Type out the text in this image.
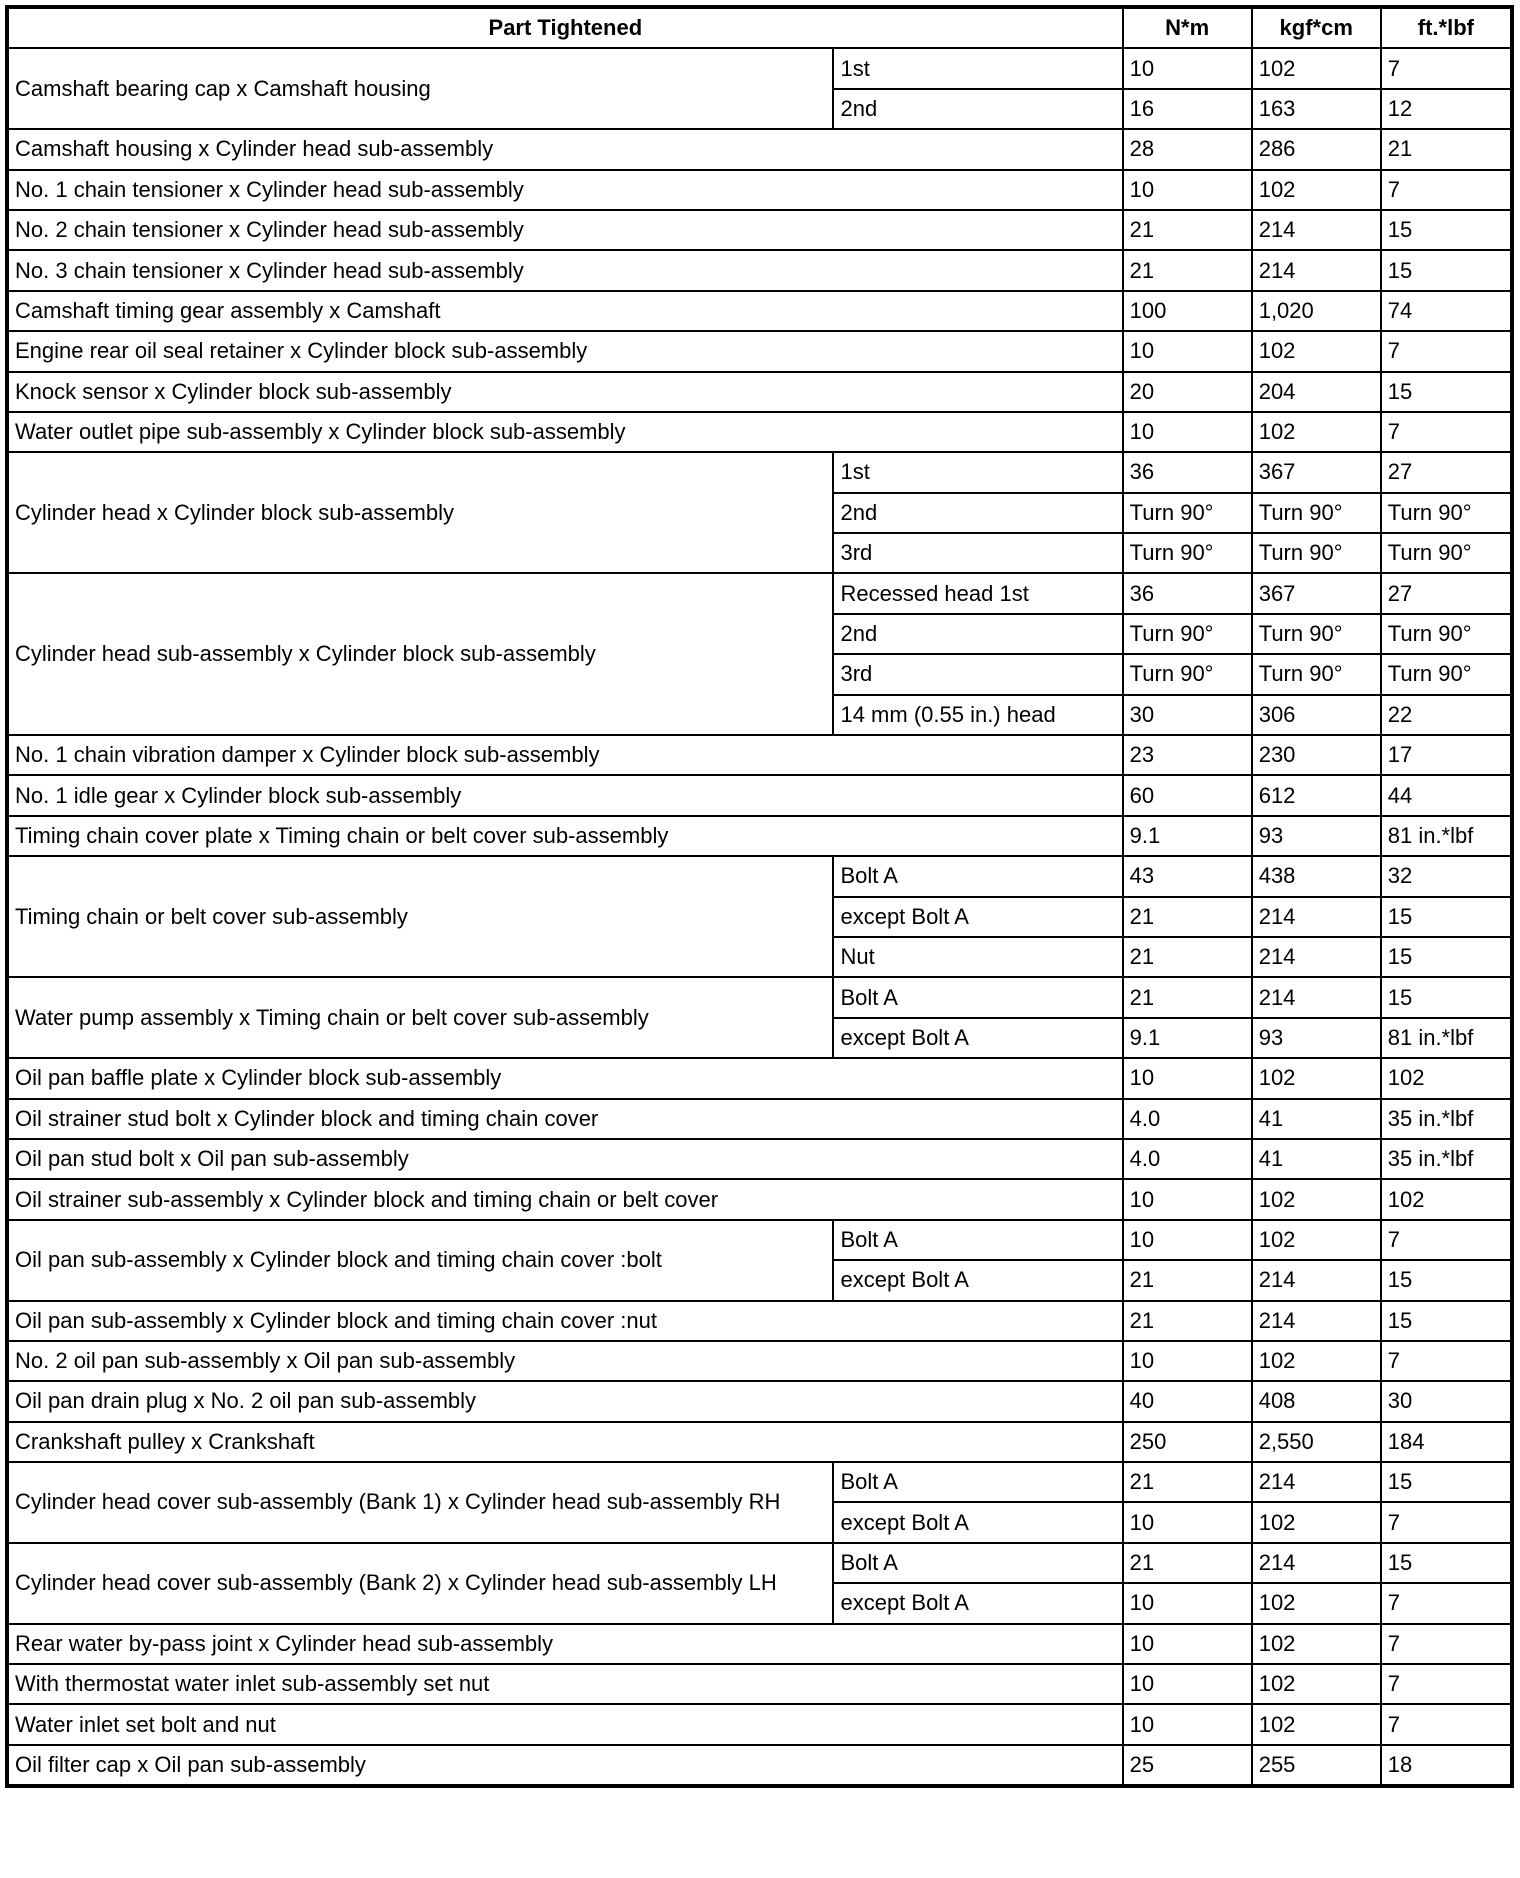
Part Tightened		N*m	kgf*cm	ft.*lbf
Camshaft bearing cap x Camshaft housing	1st	10	102	7
	2nd	16	163	12
Camshaft housing x Cylinder head sub-assembly		28	286	21
No. 1 chain tensioner x Cylinder head sub-assembly		10	102	7
No. 2 chain tensioner x Cylinder head sub-assembly		21	214	15
No. 3 chain tensioner x Cylinder head sub-assembly		21	214	15
Camshaft timing gear assembly x Camshaft		100	1,020	74
Engine rear oil seal retainer x Cylinder block sub-assembly		10	102	7
Knock sensor x Cylinder block sub-assembly		20	204	15
Water outlet pipe sub-assembly x Cylinder block sub-assembly		10	102	7
Cylinder head x Cylinder block sub-assembly	1st	36	367	27
	2nd	Turn 90°	Turn 90°	Turn 90°
	3rd	Turn 90°	Turn 90°	Turn 90°
Cylinder head sub-assembly x Cylinder block sub-assembly	Recessed head 1st	36	367	27
	2nd	Turn 90°	Turn 90°	Turn 90°
	3rd	Turn 90°	Turn 90°	Turn 90°
	14 mm (0.55 in.) head	30	306	22
No. 1 chain vibration damper x Cylinder block sub-assembly		23	230	17
No. 1 idle gear x Cylinder block sub-assembly		60	612	44
Timing chain cover plate x Timing chain or belt cover sub-assembly		9.1	93	81 in.*lbf
Timing chain or belt cover sub-assembly	Bolt A	43	438	32
	except Bolt A	21	214	15
	Nut	21	214	15
Water pump assembly x Timing chain or belt cover sub-assembly	Bolt A	21	214	15
	except Bolt A	9.1	93	81 in.*lbf
Oil pan baffle plate x Cylinder block sub-assembly		10	102	102
Oil strainer stud bolt x Cylinder block and timing chain cover		4.0	41	35 in.*lbf
Oil pan stud bolt x Oil pan sub-assembly		4.0	41	35 in.*lbf
Oil strainer sub-assembly x Cylinder block and timing chain or belt cover		10	102	102
Oil pan sub-assembly x Cylinder block and timing chain cover :bolt	Bolt A	10	102	7
	except Bolt A	21	214	15
Oil pan sub-assembly x Cylinder block and timing chain cover :nut		21	214	15
No. 2 oil pan sub-assembly x Oil pan sub-assembly		10	102	7
Oil pan drain plug x No. 2 oil pan sub-assembly		40	408	30
Crankshaft pulley x Crankshaft		250	2,550	184
Cylinder head cover sub-assembly (Bank 1) x Cylinder head sub-assembly RH	Bolt A	21	214	15
	except Bolt A	10	102	7
Cylinder head cover sub-assembly (Bank 2) x Cylinder head sub-assembly LH	Bolt A	21	214	15
	except Bolt A	10	102	7
Rear water by-pass joint x Cylinder head sub-assembly		10	102	7
With thermostat water inlet sub-assembly set nut		10	102	7
Water inlet set bolt and nut		10	102	7
Oil filter cap x Oil pan sub-assembly		25	255	18
